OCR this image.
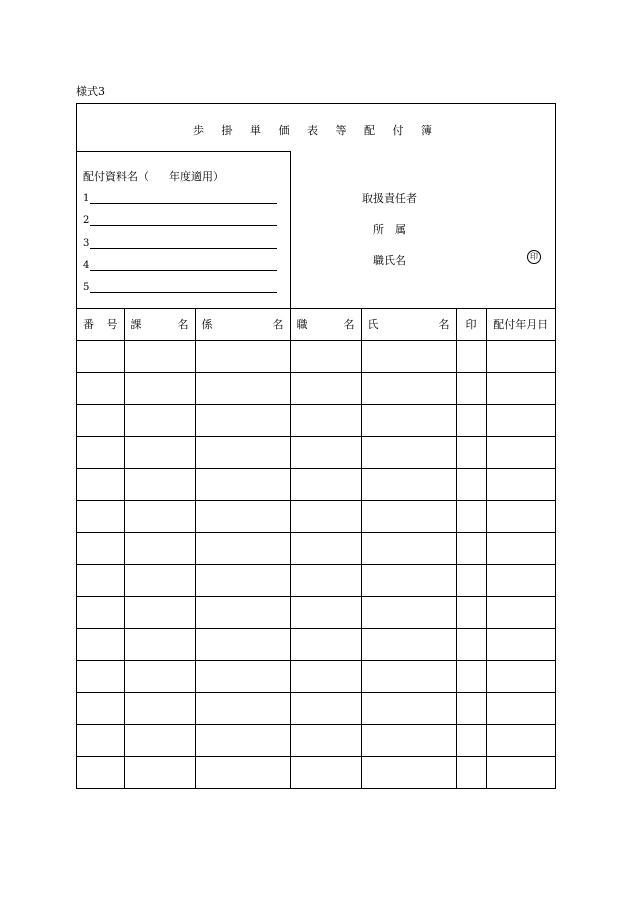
様式3
歩 掛 単 価 表 等 配 付 簿
配付資料名（ 年度適用）
1
2
3
4
5
取扱責任者
所　属
職氏名	印
番 号	課 名	係 名	職 名	氏 名	印	配付年月日
